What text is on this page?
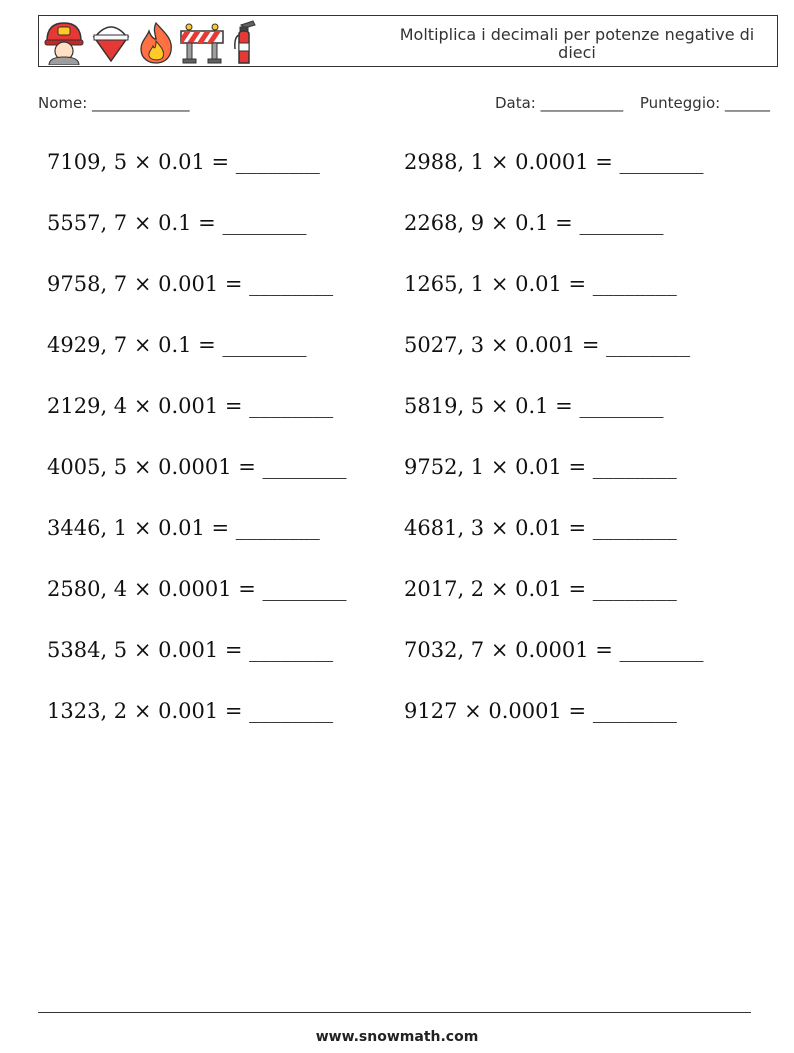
Moltiplica i decimali per potenze negative di dieci
Nome: _____________	Data: ___________ Punteggio: ______
7109, 5 × 0.01 = ________
5557, 7 × 0.1 = ________
9758, 7 × 0.001 = ________
4929, 7 × 0.1 = ________
2129, 4 × 0.001 = ________
4005, 5 × 0.0001 = ________
3446, 1 × 0.01 = ________
2580, 4 × 0.0001 = ________
5384, 5 × 0.001 = ________
1323, 2 × 0.001 = ________
2988, 1 × 0.0001 = ________
2268, 9 × 0.1 = ________
1265, 1 × 0.01 = ________
5027, 3 × 0.001 = ________
5819, 5 × 0.1 = ________
9752, 1 × 0.01 = ________
4681, 3 × 0.01 = ________
2017, 2 × 0.01 = ________
7032, 7 × 0.0001 = ________
9127 × 0.0001 = ________
www.snowmath.com
